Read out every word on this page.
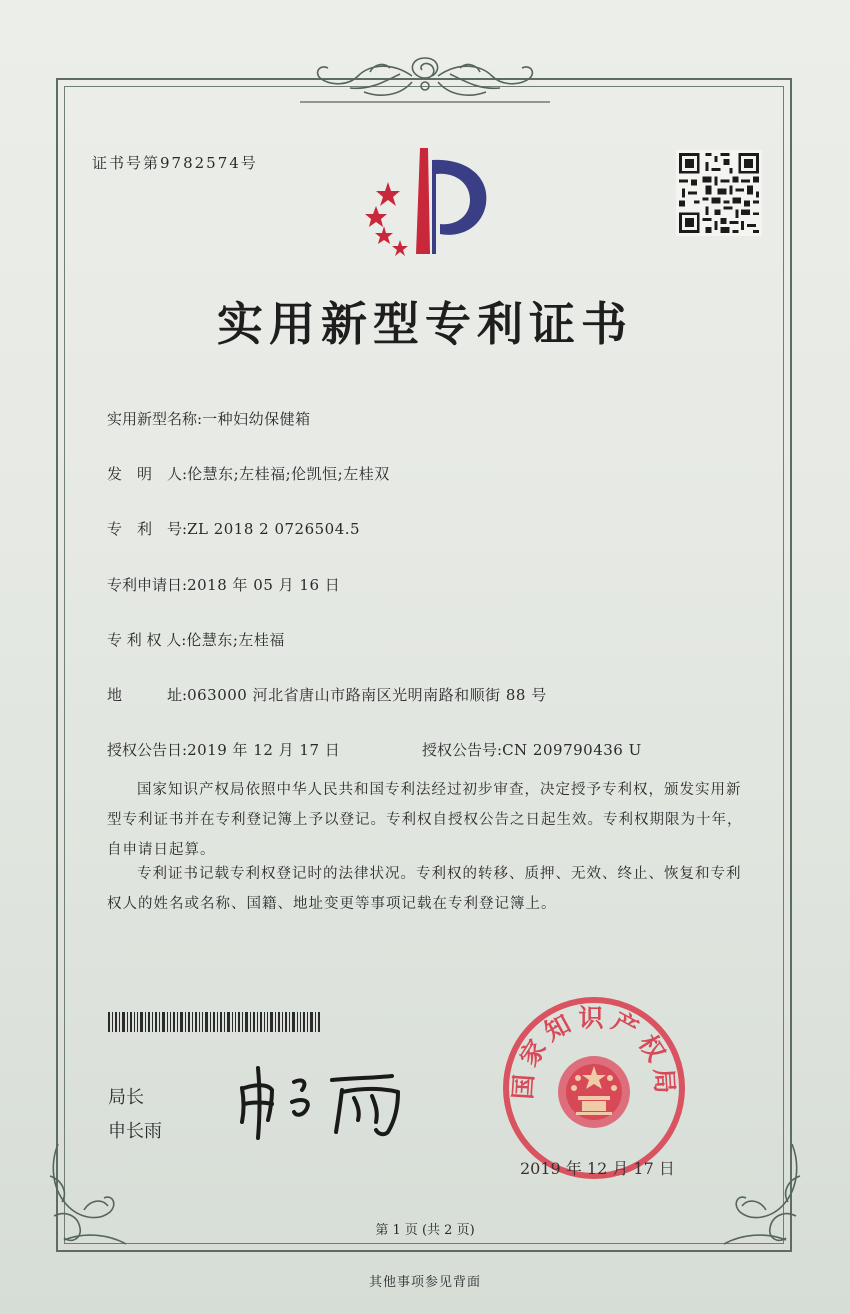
证书号第9782574号
实用新型专利证书
实用新型名称:一种妇幼保健箱
发　明　人:伦慧东;左桂福;伦凯恒;左桂双
专　利　号:ZL 2018 2 0726504.5
专利申请日:2018 年 05 月 16 日
专 利 权 人:伦慧东;左桂福
地　　　址:063000 河北省唐山市路南区光明南路和顺街 88 号
授权公告日:2019 年 12 月 17 日	授权公告号:CN 209790436 U
国家知识产权局依照中华人民共和国专利法经过初步审查，决定授予专利权，颁发实用新型专利证书并在专利登记簿上予以登记。专利权自授权公告之日起生效。专利权期限为十年，自申请日起算。
专利证书记载专利权登记时的法律状况。专利权的转移、质押、无效、终止、恢复和专利权人的姓名或名称、国籍、地址变更等事项记载在专利登记簿上。
局长
申长雨
国家知识产权局
2019 年 12 月 17 日
第 1 页 (共 2 页)
其他事项参见背面
